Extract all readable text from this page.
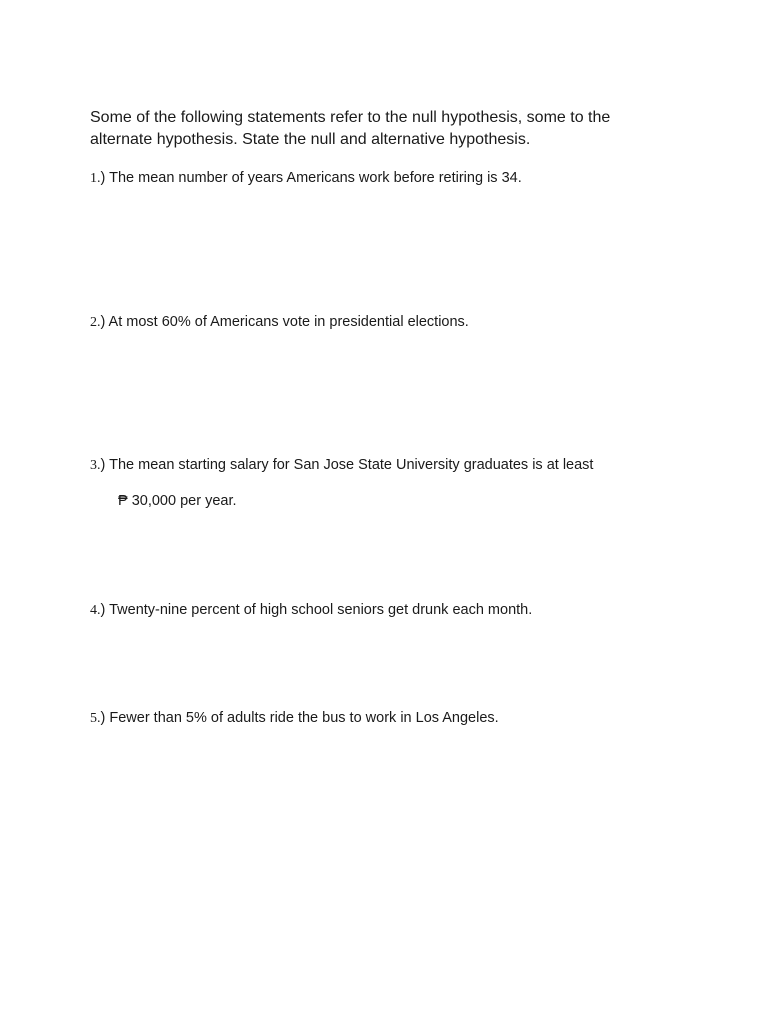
Some of the following statements refer to the null hypothesis, some to the

alternate hypothesis. State the null and alternative hypothesis.

1.) The mean number of years Americans work before retiring is 34.
2.) At most 60% of Americans vote in presidential elections.
3.) The mean starting salary for San Jose State University graduates is at least
₱ 30,000 per year.
4.) Twenty-nine percent of high school seniors get drunk each month.
5.) Fewer than 5% of adults ride the bus to work in Los Angeles.
